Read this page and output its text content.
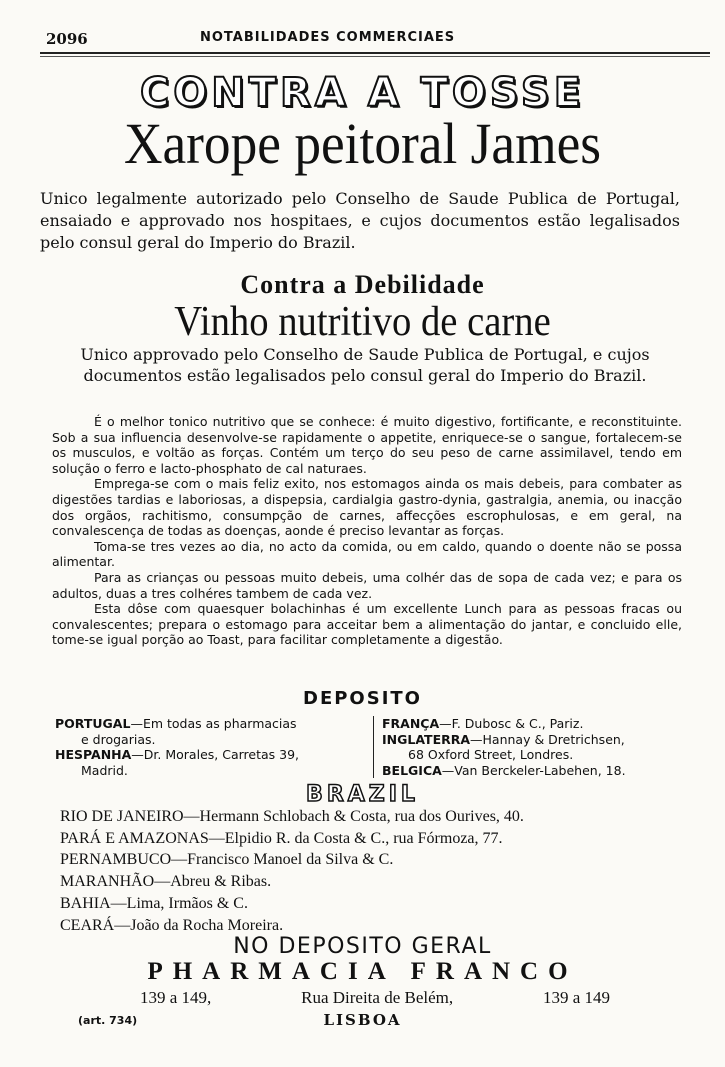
2096	NOTABILIDADES COMMERCIAES
CONTRA A TOSSE
Xarope peitoral James
Unico legalmente autorizado pelo Conselho de Saude Publica de Portugal, ensaiado e approvado nos hospitaes, e cujos documentos estão legalisados pelo consul geral do Imperio do Brazil.
Contra a Debilidade
Vinho nutritivo de carne
Unico approvado pelo Conselho de Saude Publica de Portugal, e cujos documentos estão legalisados pelo consul geral do Imperio do Brazil.

É o melhor tonico nutritivo que se conhece: é muito digestivo, fortificante, e reconstituinte. Sob a sua influencia desenvolve-se rapidamente o appetite, enriquece-se o sangue, fortalecem-se os musculos, e voltão as forças. Contém um terço do seu peso de carne assimilavel, tendo em solução o ferro e lacto-phosphato de cal naturaes.

Emprega-se com o mais feliz exito, nos estomagos ainda os mais debeis, para combater as digestões tardias e laboriosas, a dispepsia, cardialgia gastro-dynia, gastralgia, anemia, ou inacção dos orgãos, rachitismo, consumpção de carnes, affecções escrophulosas, e em geral, na convalescença de todas as doenças, aonde é preciso levantar as forças.

Toma-se tres vezes ao dia, no acto da comida, ou em caldo, quando o doente não se possa alimentar.

Para as crianças ou pessoas muito debeis, uma colhér das de sopa de cada vez; e para os adultos, duas a tres colhéres tambem de cada vez.

Esta dôse com quaesquer bolachinhas é um excellente Lunch para as pessoas fracas ou convalescentes; prepara o estomago para acceitar bem a alimentação do jantar, e concluido elle, tome-se igual porção ao Toast, para facilitar completamente a digestão.

DEPOSITO
PORTUGAL—Em todas as pharmacias
e drogarias.
HESPANHA—Dr. Morales, Carretas 39,
Madrid.
FRANÇA—F. Dubosc & C., Pariz.
INGLATERRA—Hannay & Dretrichsen,
68 Oxford Street, Londres.
BELGICA—Van Berckeler-Labehen, 18.
BRAZIL
RIO DE JANEIRO—Hermann Schlobach & Costa, rua dos Ourives, 40.
PARÁ E AMAZONAS—Elpidio R. da Costa & C., rua Fórmoza, 77.
PERNAMBUCO—Francisco Manoel da Silva & C.
MARANHÃO—Abreu & Ribas.
BAHIA—Lima, Irmãos & C.
CEARÁ—João da Rocha Moreira.
NO DEPOSITO GERAL
PHARMACIA FRANCO
139 a 149,	Rua Direita de Belém,	139 a 149
LISBOA
(art. 734)
